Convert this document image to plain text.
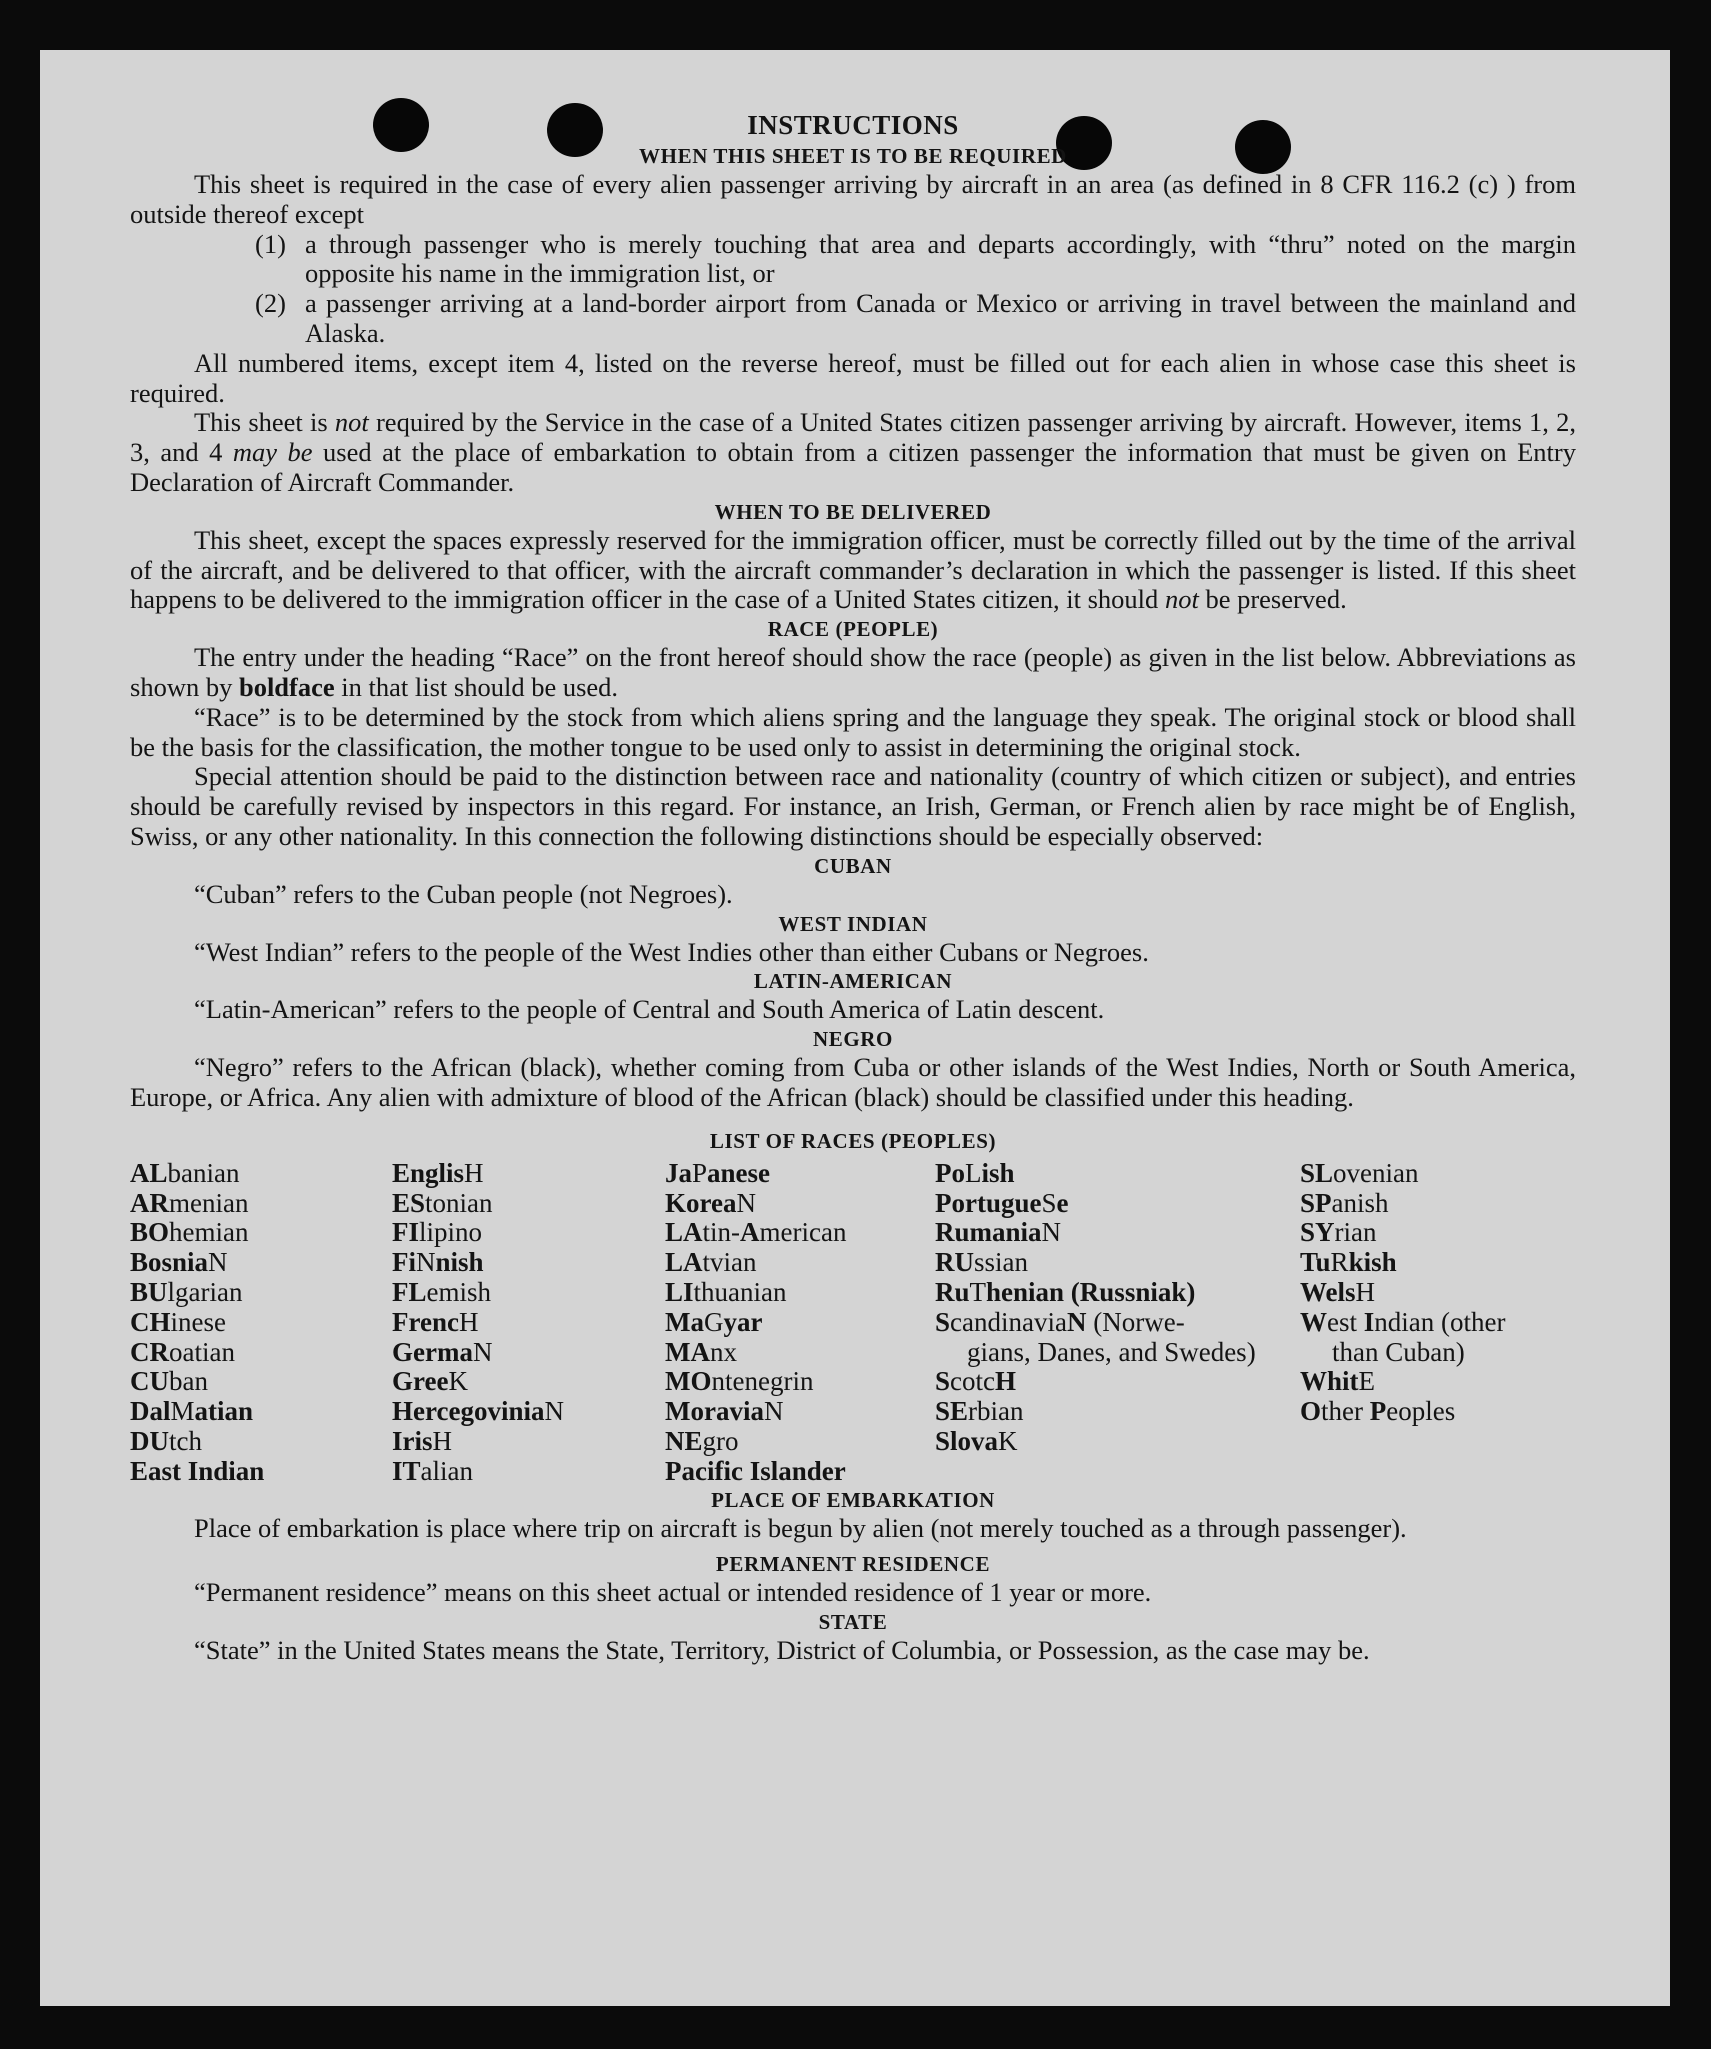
INSTRUCTIONS
WHEN THIS SHEET IS TO BE REQUIRED

This sheet is required in the case of every alien passenger arriving by aircraft in an area (as defined in 8 CFR 116.2 (c) ) from outside thereof except

(1) a through passenger who is merely touching that area and departs accordingly, with “thru” noted on the margin opposite his name in the immigration list, or
(2) a passenger arriving at a land-border airport from Canada or Mexico or arriving in travel between the mainland and Alaska.

All numbered items, except item 4, listed on the reverse hereof, must be filled out for each alien in whose case this sheet is required.

This sheet is not required by the Service in the case of a United States citizen passenger arriving by aircraft. However, items 1, 2, 3, and 4 may be used at the place of embarkation to obtain from a citizen passenger the information that must be given on Entry Declaration of Aircraft Commander.

WHEN TO BE DELIVERED

This sheet, except the spaces expressly reserved for the immigration officer, must be correctly filled out by the time of the arrival of the aircraft, and be delivered to that officer, with the aircraft commander’s declaration in which the passenger is listed. If this sheet happens to be delivered to the immigration officer in the case of a United States citizen, it should not be preserved.

RACE (PEOPLE)

The entry under the heading “Race” on the front hereof should show the race (people) as given in the list below. Abbreviations as shown by boldface in that list should be used.

“Race” is to be determined by the stock from which aliens spring and the language they speak. The original stock or blood shall be the basis for the classification, the mother tongue to be used only to assist in determining the original stock.

Special attention should be paid to the distinction between race and nationality (country of which citizen or subject), and entries should be carefully revised by inspectors in this regard. For instance, an Irish, German, or French alien by race might be of English, Swiss, or any other nationality. In this connection the following distinctions should be especially observed:

CUBAN
“Cuban” refers to the Cuban people (not Negroes).
WEST INDIAN
“West Indian” refers to the people of the West Indies other than either Cubans or Negroes.
LATIN-AMERICAN
“Latin-American” refers to the people of Central and South America of Latin descent.
NEGRO

“Negro” refers to the African (black), whether coming from Cuba or other islands of the West Indies, North or South America, Europe, or Africa. Any alien with admixture of blood of the African (black) should be classified under this heading.

LIST OF RACES (PEOPLES)
ALbanian
ARmenian
BOhemian
BosniaN
BUlgarian
CHinese
CRoatian
CUban
DalMatian
DUtch
East Indian
EnglisH
EStonian
FIlipino
FiNnish
FLemish
FrencH
GermaN
GreeK
HercegoviniaN
IrisH
ITalian
JaPanese
KoreaN
LAtin-American
LAtvian
LIthuanian
MaGyar
MAnx
MOntenegrin
MoraviaN
NEgro
Pacific Islander
PoLish
PortugueSe
RumaniaN
RUssian
RuThenian (Russniak)
ScandinaviaN (Norwe-
gians, Danes, and Swedes)
ScotcH
SErbian
SlovaK
SLovenian
SPanish
SYrian
TuRkish
WelsH
West Indian (other
than Cuban)
WhitE
Other Peoples
PLACE OF EMBARKATION

Place of embarkation is place where trip on aircraft is begun by alien (not merely touched as a through passenger).

PERMANENT RESIDENCE
“Permanent residence” means on this sheet actual or intended residence of 1 year or more.
STATE

“State” in the United States means the State, Territory, District of Columbia, or Possession, as the case may be.
